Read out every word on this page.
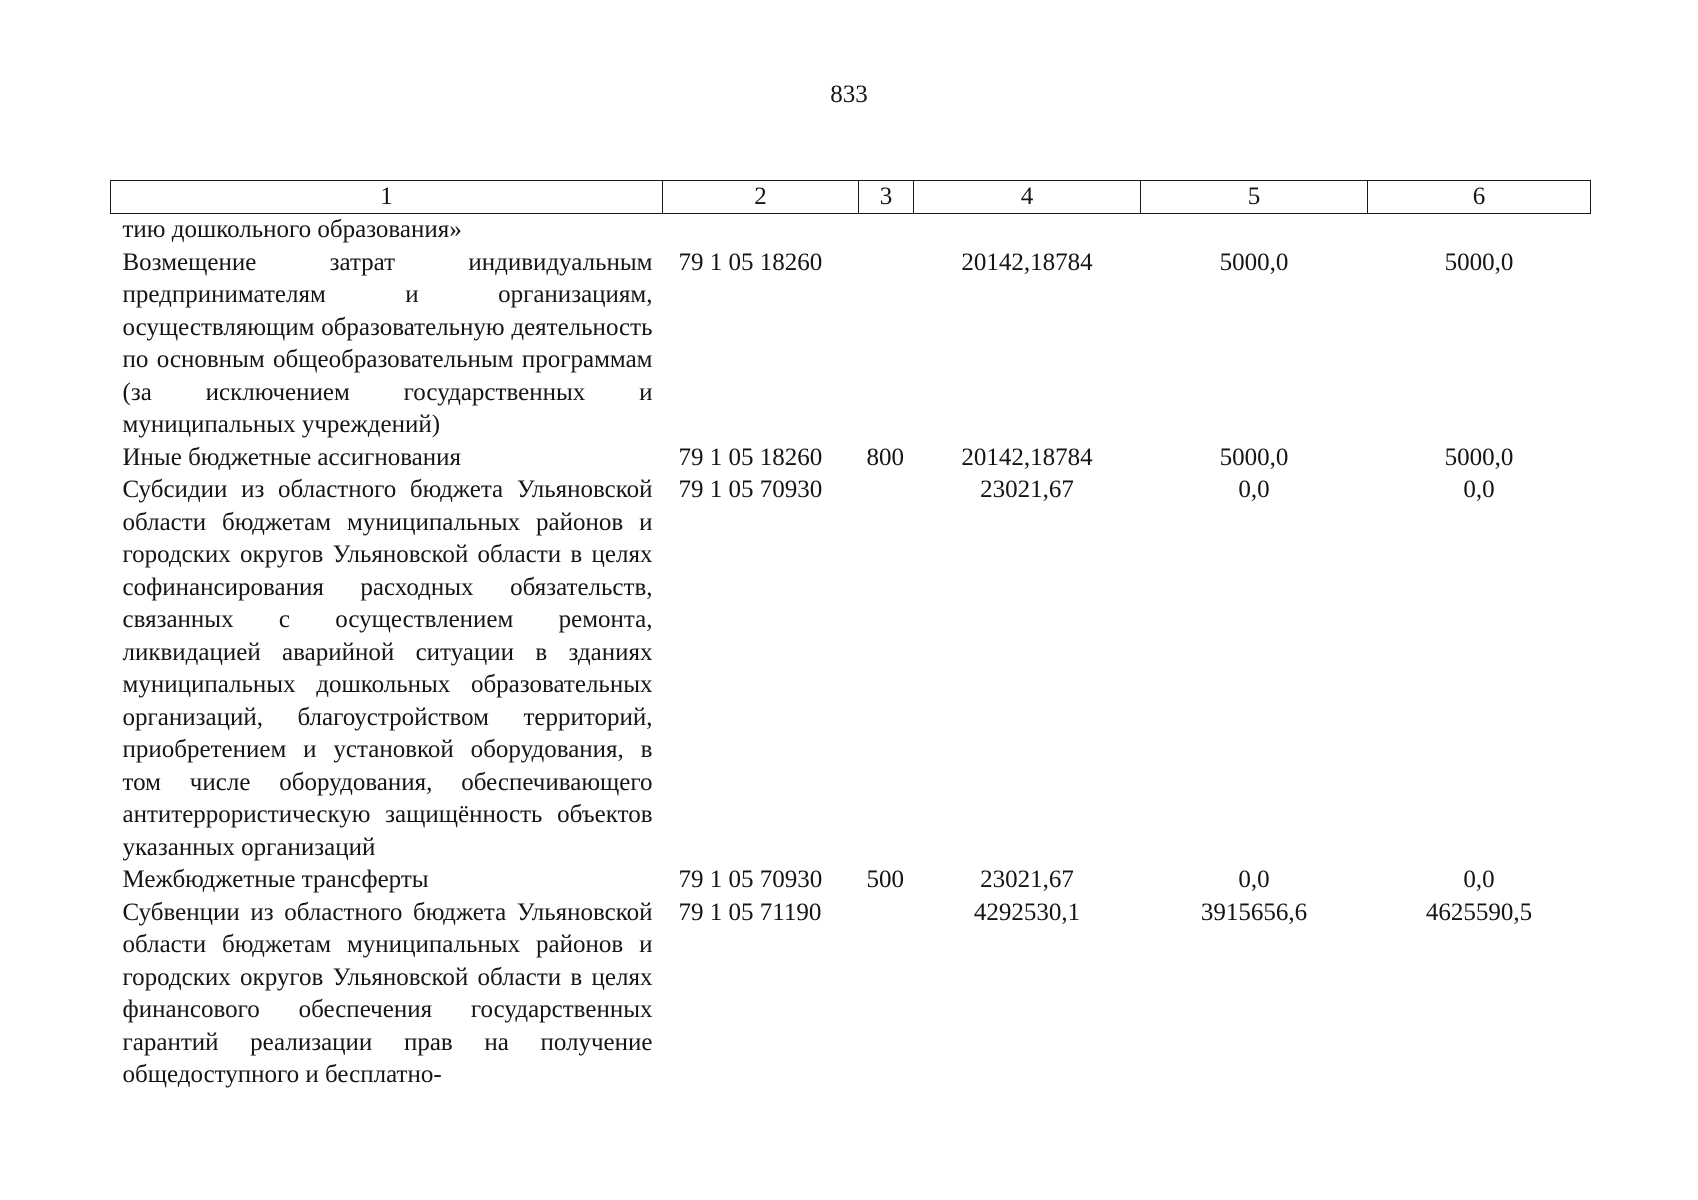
833
1	2	3	4	5	6
тию дошкольного образования»					
Возмещение затрат индивидуальным предпринимателям и организациям, осуществляющим образовательную деятельность по основным общеобразовательным программам (за исключением государственных и муниципальных учреждений)	79 1 05 18260		20142,18784	5000,0	5000,0
Иные бюджетные ассигнования	79 1 05 18260	800	20142,18784	5000,0	5000,0
Субсидии из областного бюджета Ульяновской области бюджетам муниципальных районов и городских округов Ульяновской области в целях софинансирования расходных обязательств, связанных с осуществлением ремонта, ликвидацией аварийной ситуации в зданиях муниципальных дошкольных образовательных организаций, благоустройством территорий, приобретением и установкой оборудования, в том числе оборудования, обеспечивающего антитеррористическую защищённость объектов указанных организаций	79 1 05 70930		23021,67	0,0	0,0
Межбюджетные трансферты	79 1 05 70930	500	23021,67	0,0	0,0
Субвенции из областного бюджета Ульяновской области бюджетам муниципальных районов и городских округов Ульяновской области в целях финансового обеспечения государственных гарантий реализации прав на получение общедоступного и бесплатно-	79 1 05 71190		4292530,1	3915656,6	4625590,5
